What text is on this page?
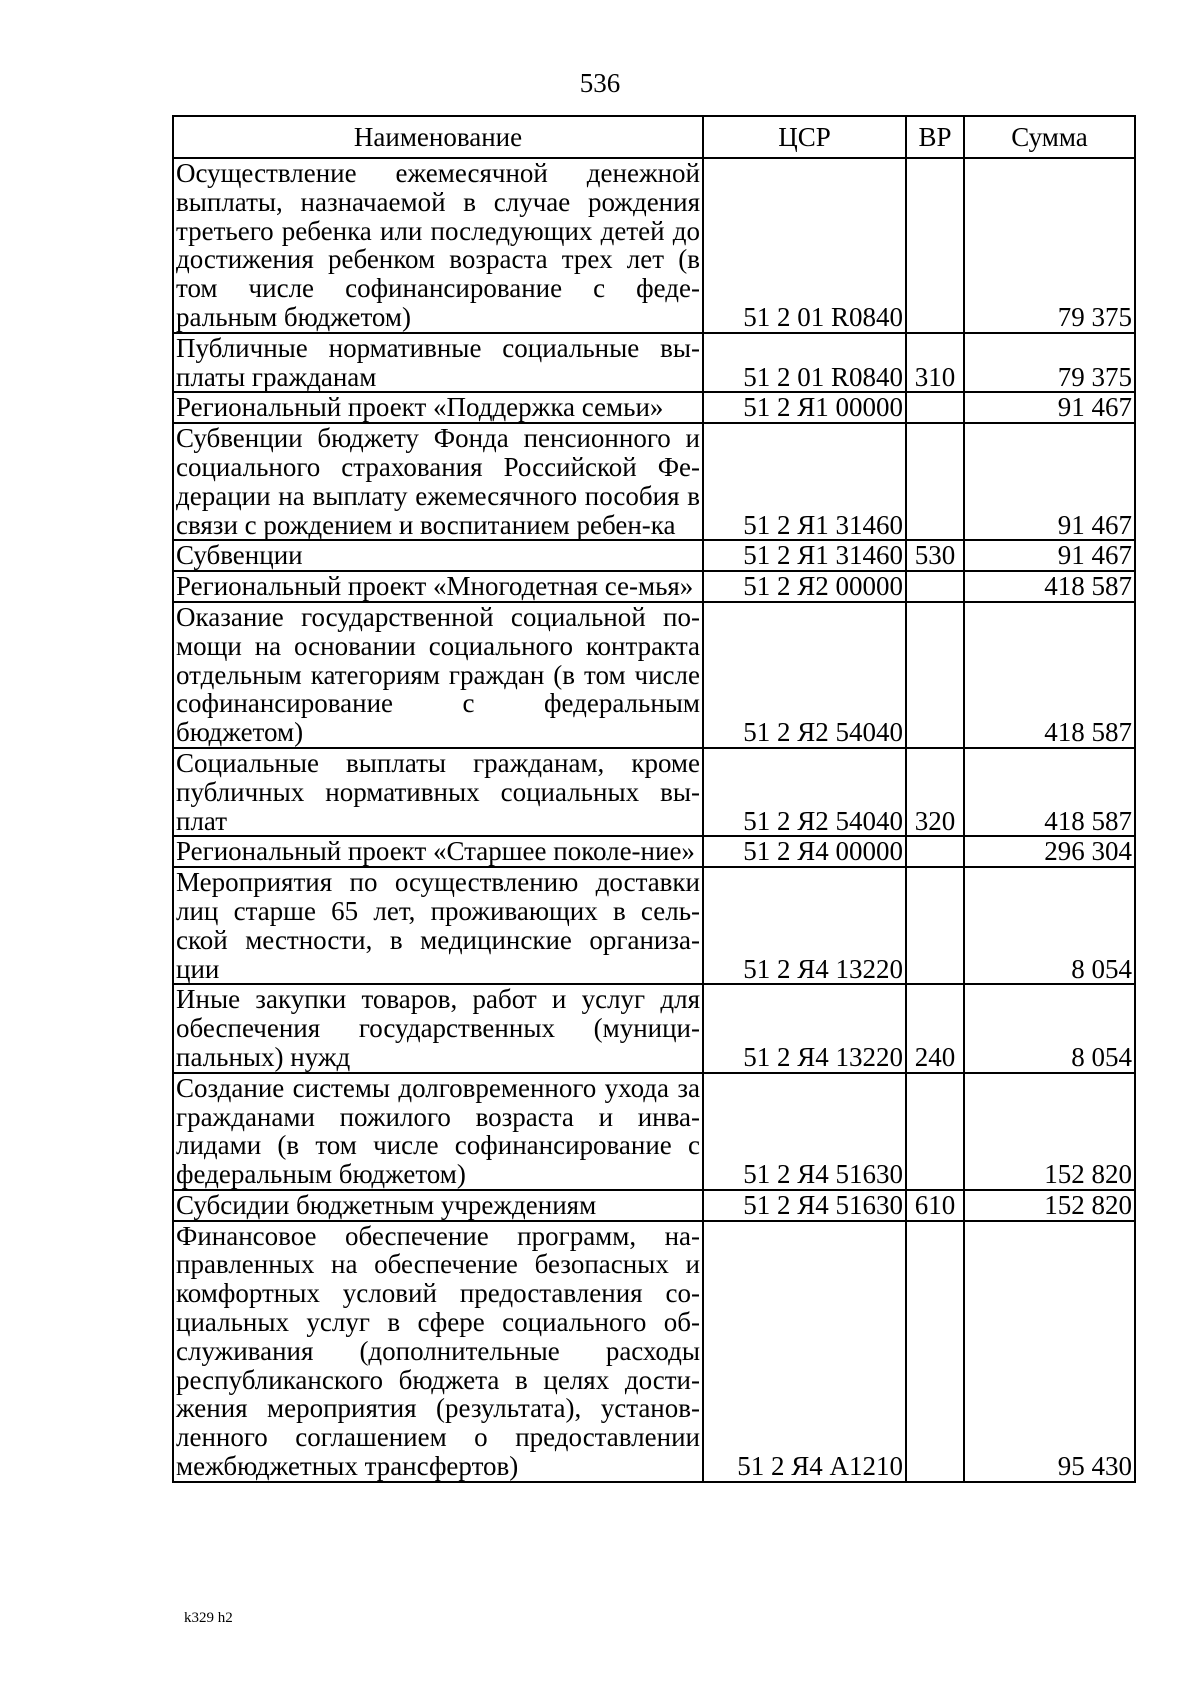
536
Наименование	ЦСР	ВР	Сумма
Осуществление ежемесячной денежной выплаты, назначаемой в случае рождения третьего ребенка или последующих детей до достижения ребенком возраста трех лет (в том числе софинансирование с феде-ральным бюджетом)	51 2 01 R0840		79 375
Публичные нормативные социальные вы-платы гражданам	51 2 01 R0840	310	79 375
Региональный проект «Поддержка семьи»	51 2 Я1 00000		91 467
Субвенции бюджету Фонда пенсионного и социального страхования Российской Фе-дерации на выплату ежемесячного пособия в связи с рождением и воспитанием ребен-ка	51 2 Я1 31460		91 467
Субвенции	51 2 Я1 31460	530	91 467
Региональный проект «Многодетная се-мья»	51 2 Я2 00000		418 587
Оказание государственной социальной по-мощи на основании социального контракта отдельным категориям граждан (в том числе софинансирование с федеральным бюджетом)	51 2 Я2 54040		418 587
Социальные выплаты гражданам, кроме публичных нормативных социальных вы-плат	51 2 Я2 54040	320	418 587
Региональный проект «Старшее поколе-ние»	51 2 Я4 00000		296 304
Мероприятия по осуществлению доставки лиц старше 65 лет, проживающих в сель-ской местности, в медицинские организа-ции	51 2 Я4 13220		8 054
Иные закупки товаров, работ и услуг для обеспечения государственных (муници-пальных) нужд	51 2 Я4 13220	240	8 054
Создание системы долговременного ухода за гражданами пожилого возраста и инва-лидами (в том числе софинансирование с федеральным бюджетом)	51 2 Я4 51630		152 820
Субсидии бюджетным учреждениям	51 2 Я4 51630	610	152 820
Финансовое обеспечение программ, на-правленных на обеспечение безопасных и комфортных условий предоставления со-циальных услуг в сфере социального об-служивания (дополнительные расходы республиканского бюджета в целях дости-жения мероприятия (результата), установ-ленного соглашением о предоставлении межбюджетных трансфертов)	51 2 Я4 A1210		95 430
k329 h2
